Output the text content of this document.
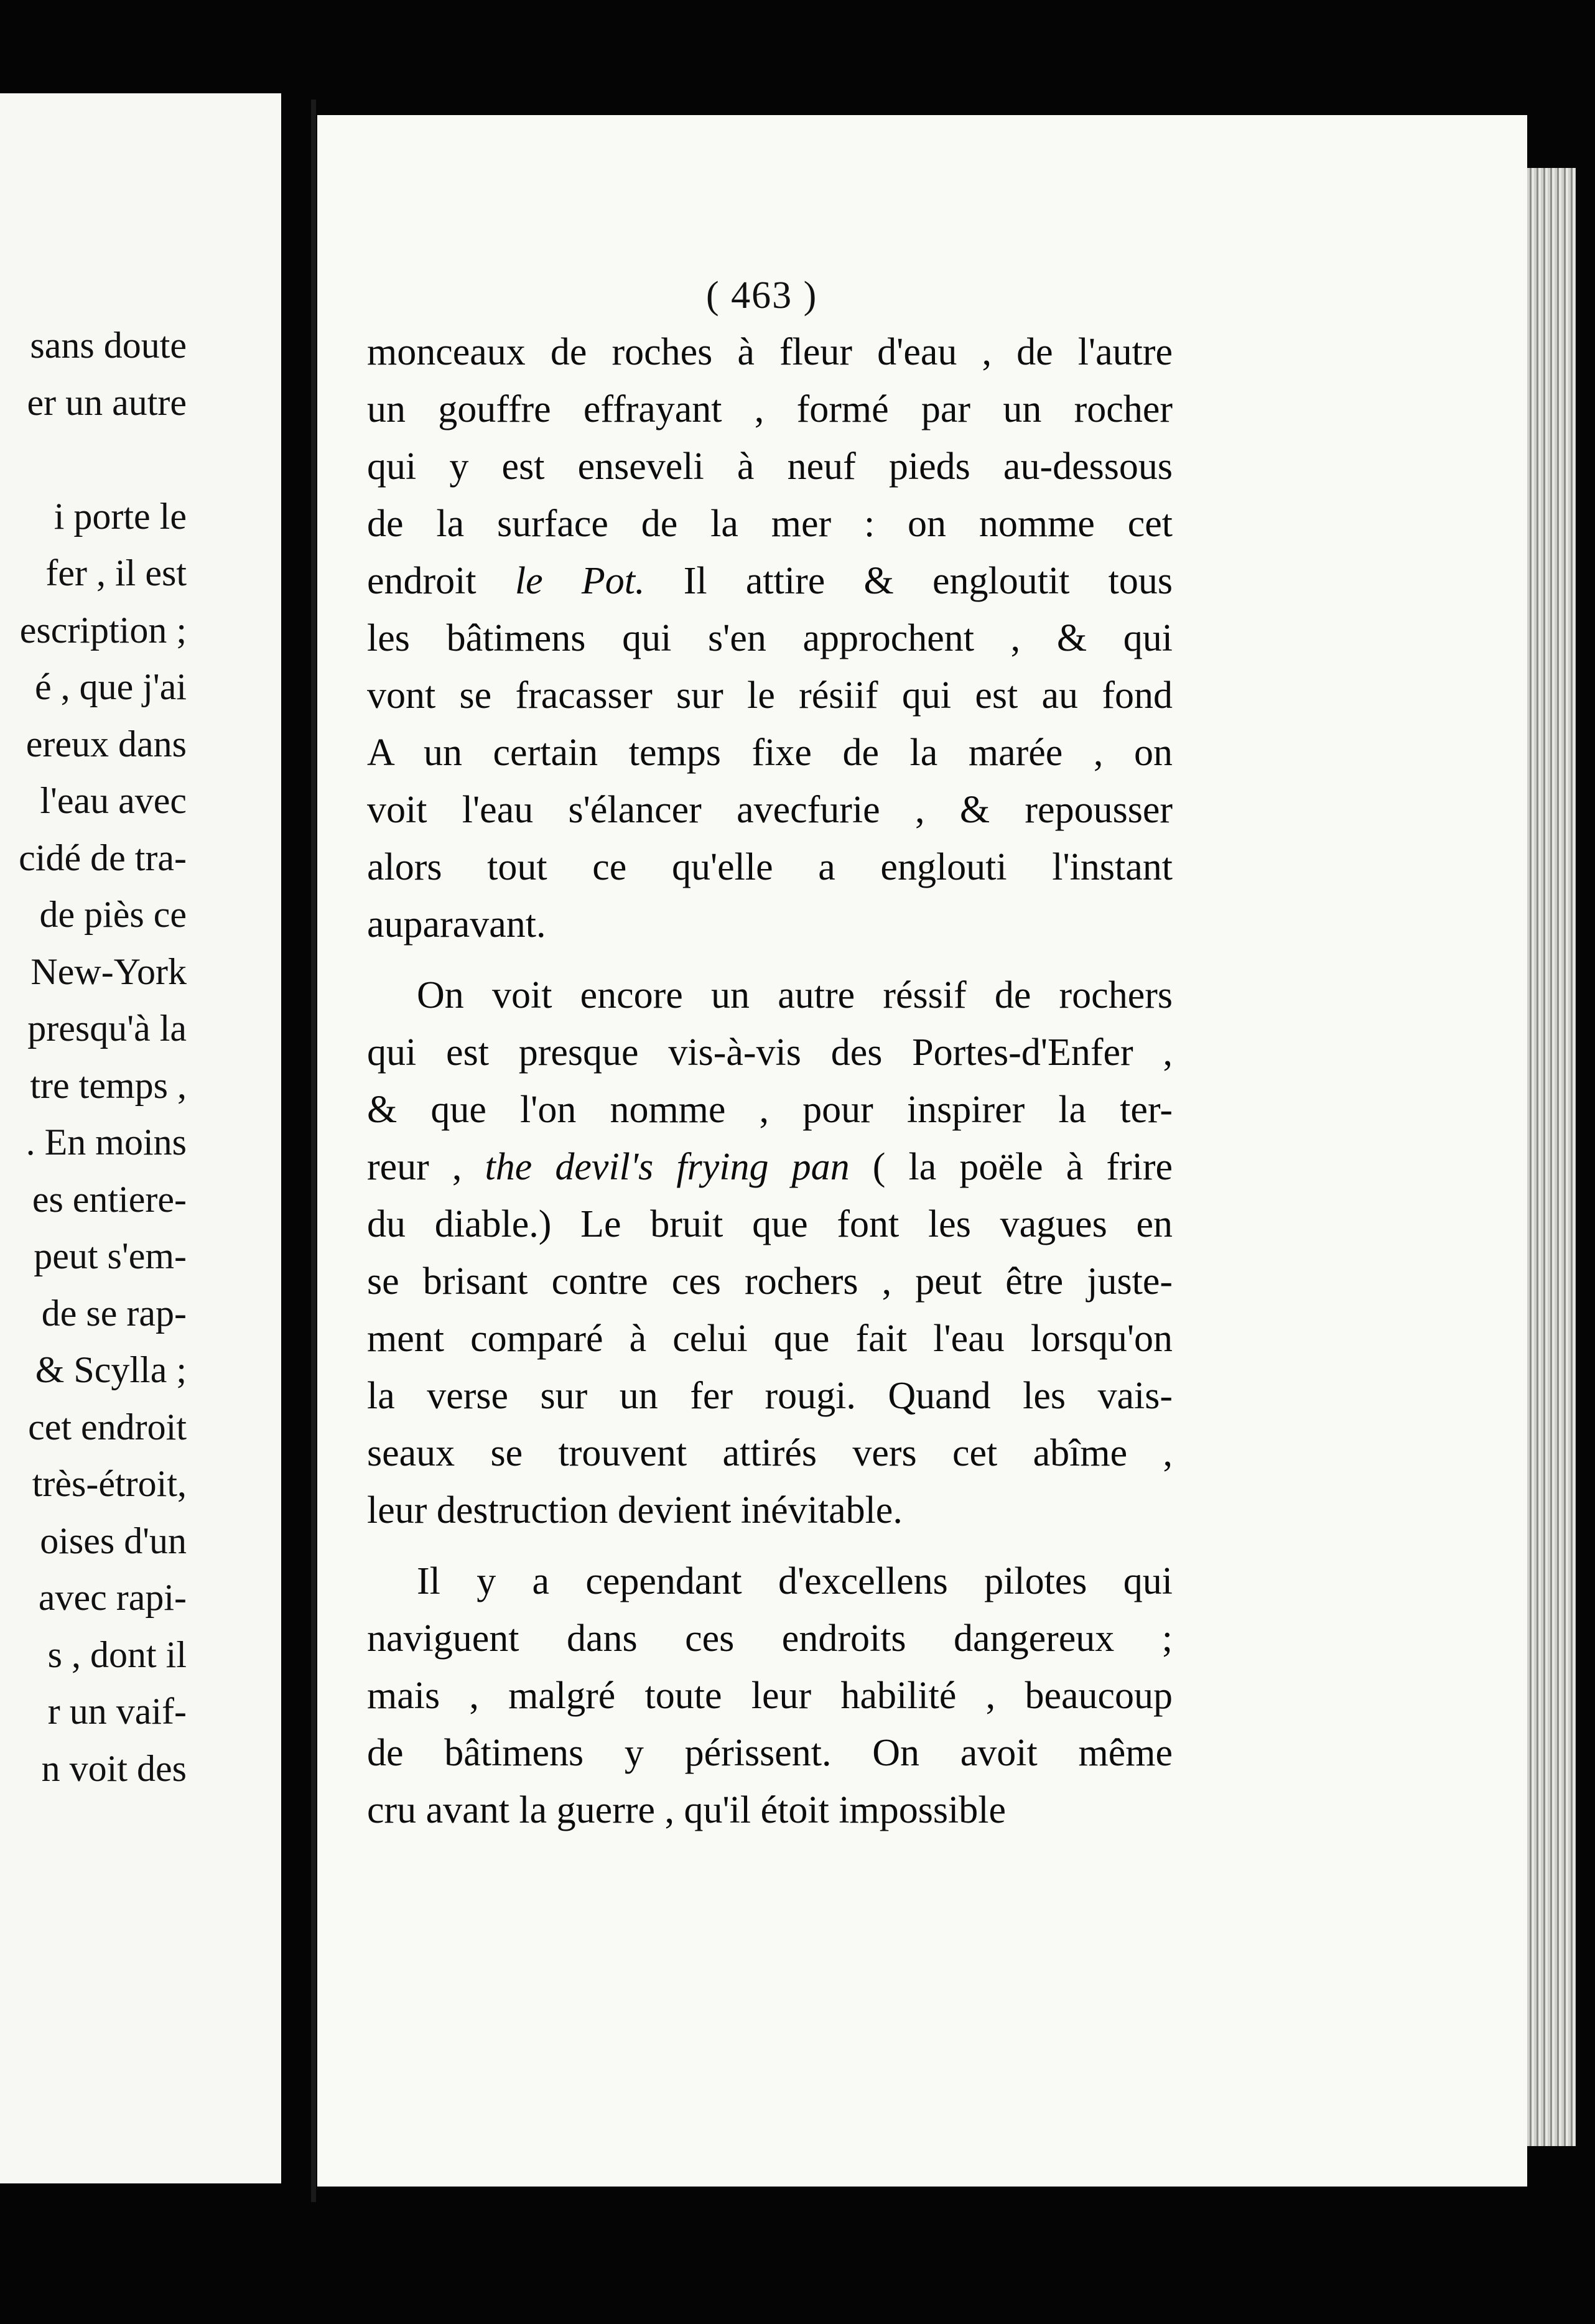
sans doute
er un autre

i porte le
fer , il est
escription ;
é , que j'ai
ereux dans
l'eau avec
cidé de tra-
de piès ce
New-York
presqu'à la
tre temps ,
. En moins
es entiere-
peut s'em-
de se rap-
& Scylla ;
cet endroit
très-étroit,
oises d'un
avec rapi-
s , dont il
r un vaif-
n voit des
( 463 )
monceaux de roches à fleur d'eau , de l'autre
un gouffre effrayant , formé par un rocher
qui y est enseveli à neuf pieds au-dessous
de la surface de la mer : on nomme cet
endroit le Pot. Il attire & engloutit tous
les bâtimens qui s'en approchent , & qui
vont se fracasser sur le résiif qui est au fond
A un certain temps fixe de la marée , on
voit l'eau s'élancer avecfurie , & repousser
alors tout ce qu'elle a englouti l'instant
auparavant.
On voit encore un autre réssif de rochers
qui est presque vis-à-vis des Portes-d'Enfer ,
& que l'on nomme , pour inspirer la ter-
reur , the devil's frying pan ( la poële à frire
du diable.) Le bruit que font les vagues en
se brisant contre ces rochers , peut être juste-
ment comparé à celui que fait l'eau lorsqu'on
la verse sur un fer rougi. Quand les vais-
seaux se trouvent attirés vers cet abîme ,
leur destruction devient inévitable.
Il y a cependant d'excellens pilotes qui
naviguent dans ces endroits dangereux ;
mais , malgré toute leur habilité , beaucoup
de bâtimens y périssent. On avoit même
cru avant la guerre , qu'il étoit impossible
